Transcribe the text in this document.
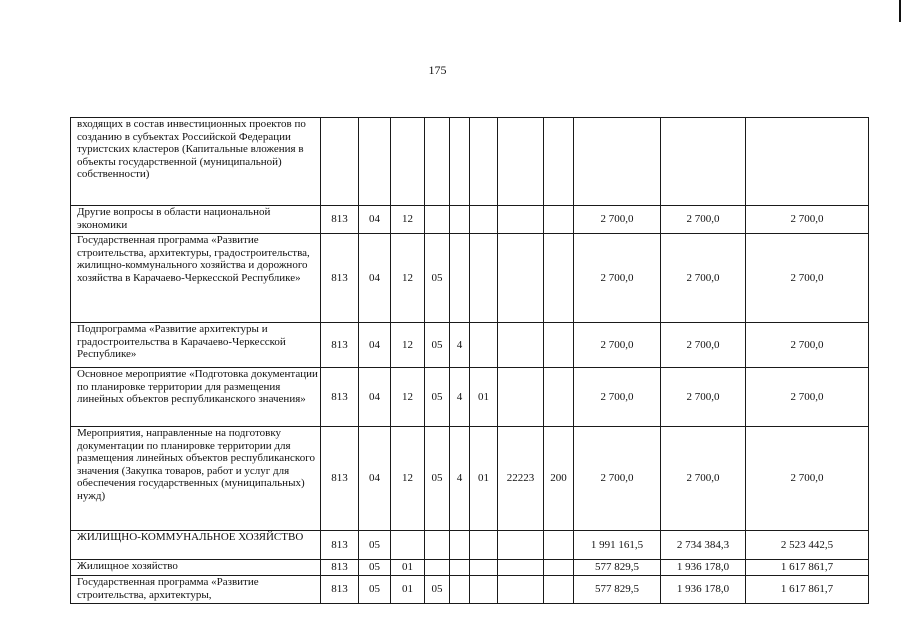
175
входящих в состав инвестиционных проектов по созданию в субъектах Российской Федерации туристских кластеров (Капитальные вложения в объекты государственной (муниципальной) собственности)											
Другие вопросы в области национальной экономики	813	04	12						2 700,0	2 700,0	2 700,0
Государственная программа «Развитие строительства, архитектуры, градостроительства, жилищно-коммунального хозяйства и дорожного хозяйства в Карачаево-Черкесской Республике»	813	04	12	05					2 700,0	2 700,0	2 700,0
Подпрограмма «Развитие архитектуры и градостроительства в Карачаево-Черкесской Республике»	813	04	12	05	4				2 700,0	2 700,0	2 700,0
Основное мероприятие «Подготовка документации по планировке территории для размещения линейных объектов республиканского значения»	813	04	12	05	4	01			2 700,0	2 700,0	2 700,0
Мероприятия, направленные на подготовку документации по планировке территории для размещения линейных объектов республиканского значения (Закупка товаров, работ и услуг для обеспечения государственных (муниципальных) нужд)	813	04	12	05	4	01	22223	200	2 700,0	2 700,0	2 700,0
ЖИЛИЩНО-КОММУНАЛЬНОЕ ХОЗЯЙСТВО	813	05							1 991 161,5	2 734 384,3	2 523 442,5
Жилищное хозяйство	813	05	01						577 829,5	1 936 178,0	1 617 861,7
Государственная программа «Развитие строительства, архитектуры,	813	05	01	05					577 829,5	1 936 178,0	1 617 861,7
